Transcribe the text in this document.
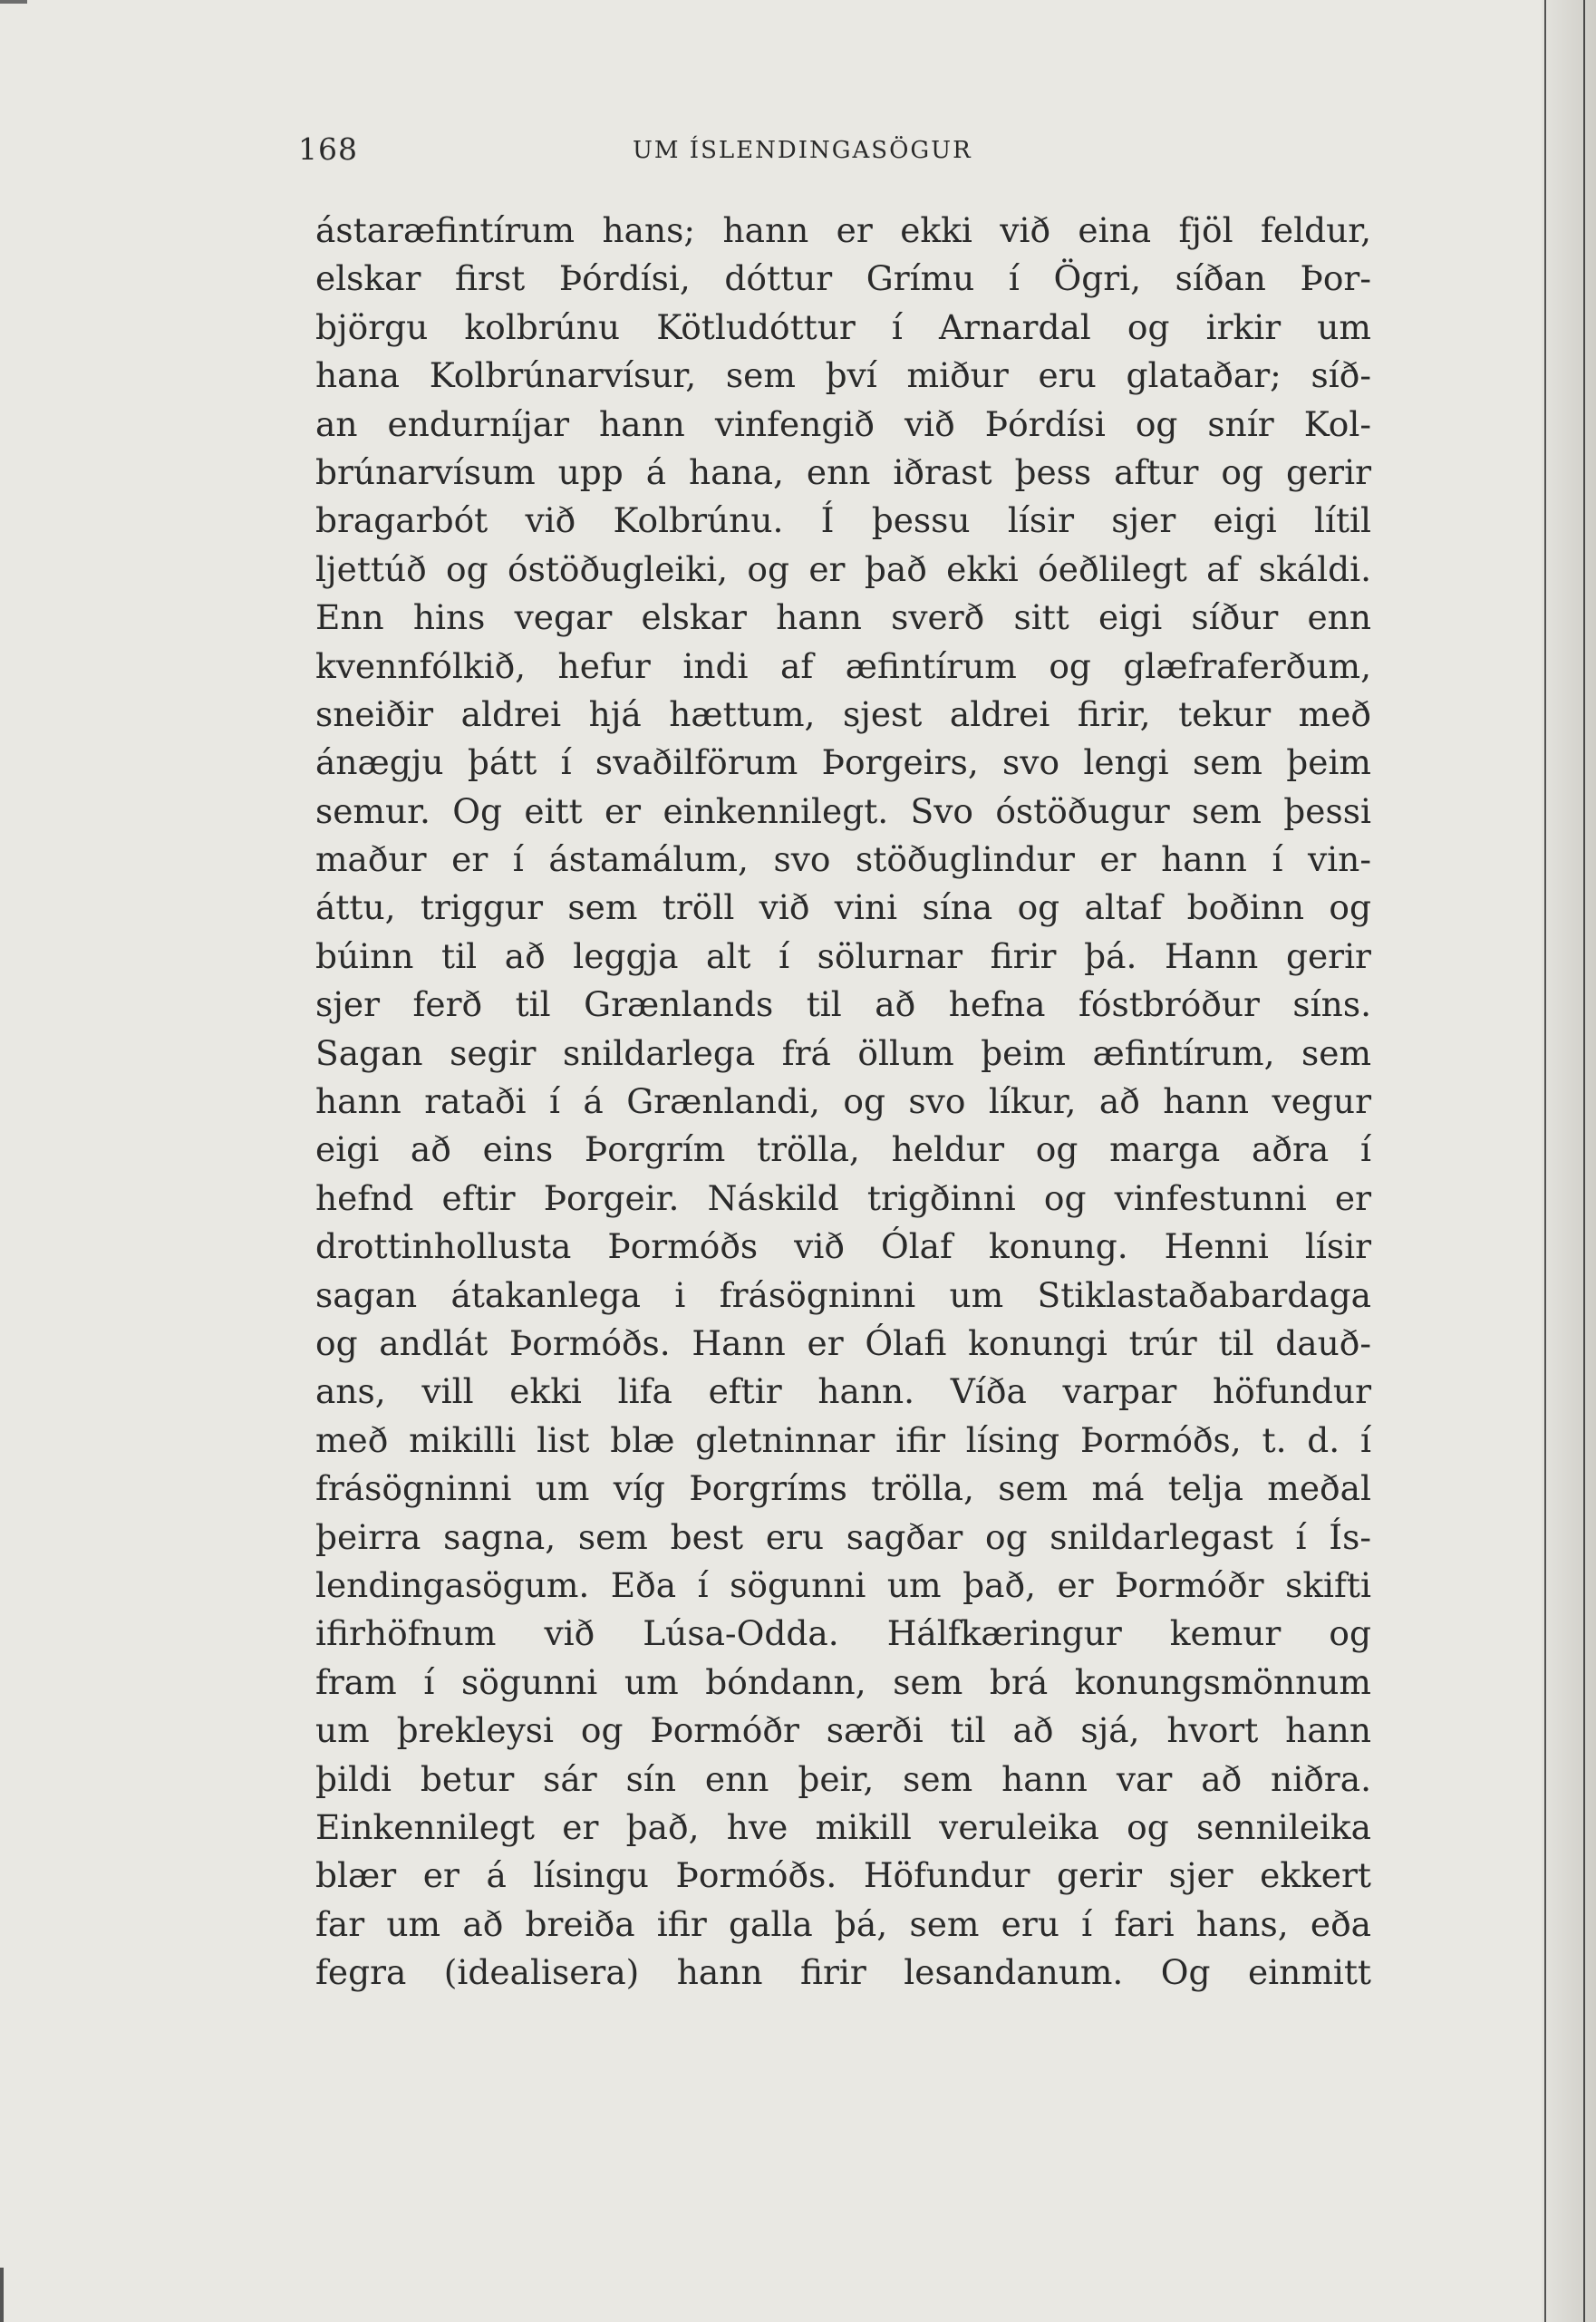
168	UM ÍSLENDINGASÖGUR
ástaræfintírum hans; hann er ekki við eina fjöl feldur,
elskar first Þórdísi, dóttur Grímu í Ögri, síðan Þor-
björgu kolbrúnu Kötludóttur í Arnardal og irkir um
hana Kolbrúnarvísur, sem því miður eru glataðar; síð-
an endurníjar hann vinfengið við Þórdísi og snír Kol-
brúnarvísum upp á hana, enn iðrast þess aftur og gerir
bragarbót við Kolbrúnu. Í þessu lísir sjer eigi lítil
ljettúð og óstöðugleiki, og er það ekki óeðlilegt af skáldi.
Enn hins vegar elskar hann sverð sitt eigi síður enn
kvennfólkið, hefur indi af æfintírum og glæfraferðum,
sneiðir aldrei hjá hættum, sjest aldrei firir, tekur með
ánægju þátt í svaðilförum Þorgeirs, svo lengi sem þeim
semur. Og eitt er einkennilegt. Svo óstöðugur sem þessi
maður er í ástamálum, svo stöðuglindur er hann í vin-
áttu, triggur sem tröll við vini sína og altaf boðinn og
búinn til að leggja alt í sölurnar firir þá. Hann gerir
sjer ferð til Grænlands til að hefna fóstbróður síns.
Sagan segir snildarlega frá öllum þeim æfintírum, sem
hann rataði í á Grænlandi, og svo líkur, að hann vegur
eigi að eins Þorgrím tröllа, heldur og marga aðra í
hefnd eftir Þorgeir. Náskild trigðinni og vinfestunni er
drottinhollusta Þormóðs við Ólaf konung. Henni lísir
sagan átakanlega i frásögninni um Stiklastaðabardaga
og andlát Þormóðs. Hann er Ólafi konungi trúr til dauð-
ans, vill ekki lifa eftir hann. Víða varpar höfundur
með mikilli list blæ gletninnar ifir lísing Þormóðs, t. d. í
frásögninni um víg Þorgríms tröllа, sem má telja meðal
þeirra sagna, sem best eru sagðar og snildarlegast í Ís-
lendingasögum. Eða í sögunni um það, er Þormóðr skifti
ifirhöfnum við Lúsa-Odda. Hálfkæringur kemur og
fram í sögunni um bóndann, sem brá konungsmönnum
um þrekleysi og Þormóðr særði til að sjá, hvort hann
þildi betur sár sín enn þeir, sem hann var að niðra.
Einkennilegt er það, hve mikill veruleika og sennileika
blær er á lísingu Þormóðs. Höfundur gerir sjer ekkert
far um að breiða ifir galla þá, sem eru í fari hans, eða
fegra (idealisera) hann firir lesandanum. Og einmitt
